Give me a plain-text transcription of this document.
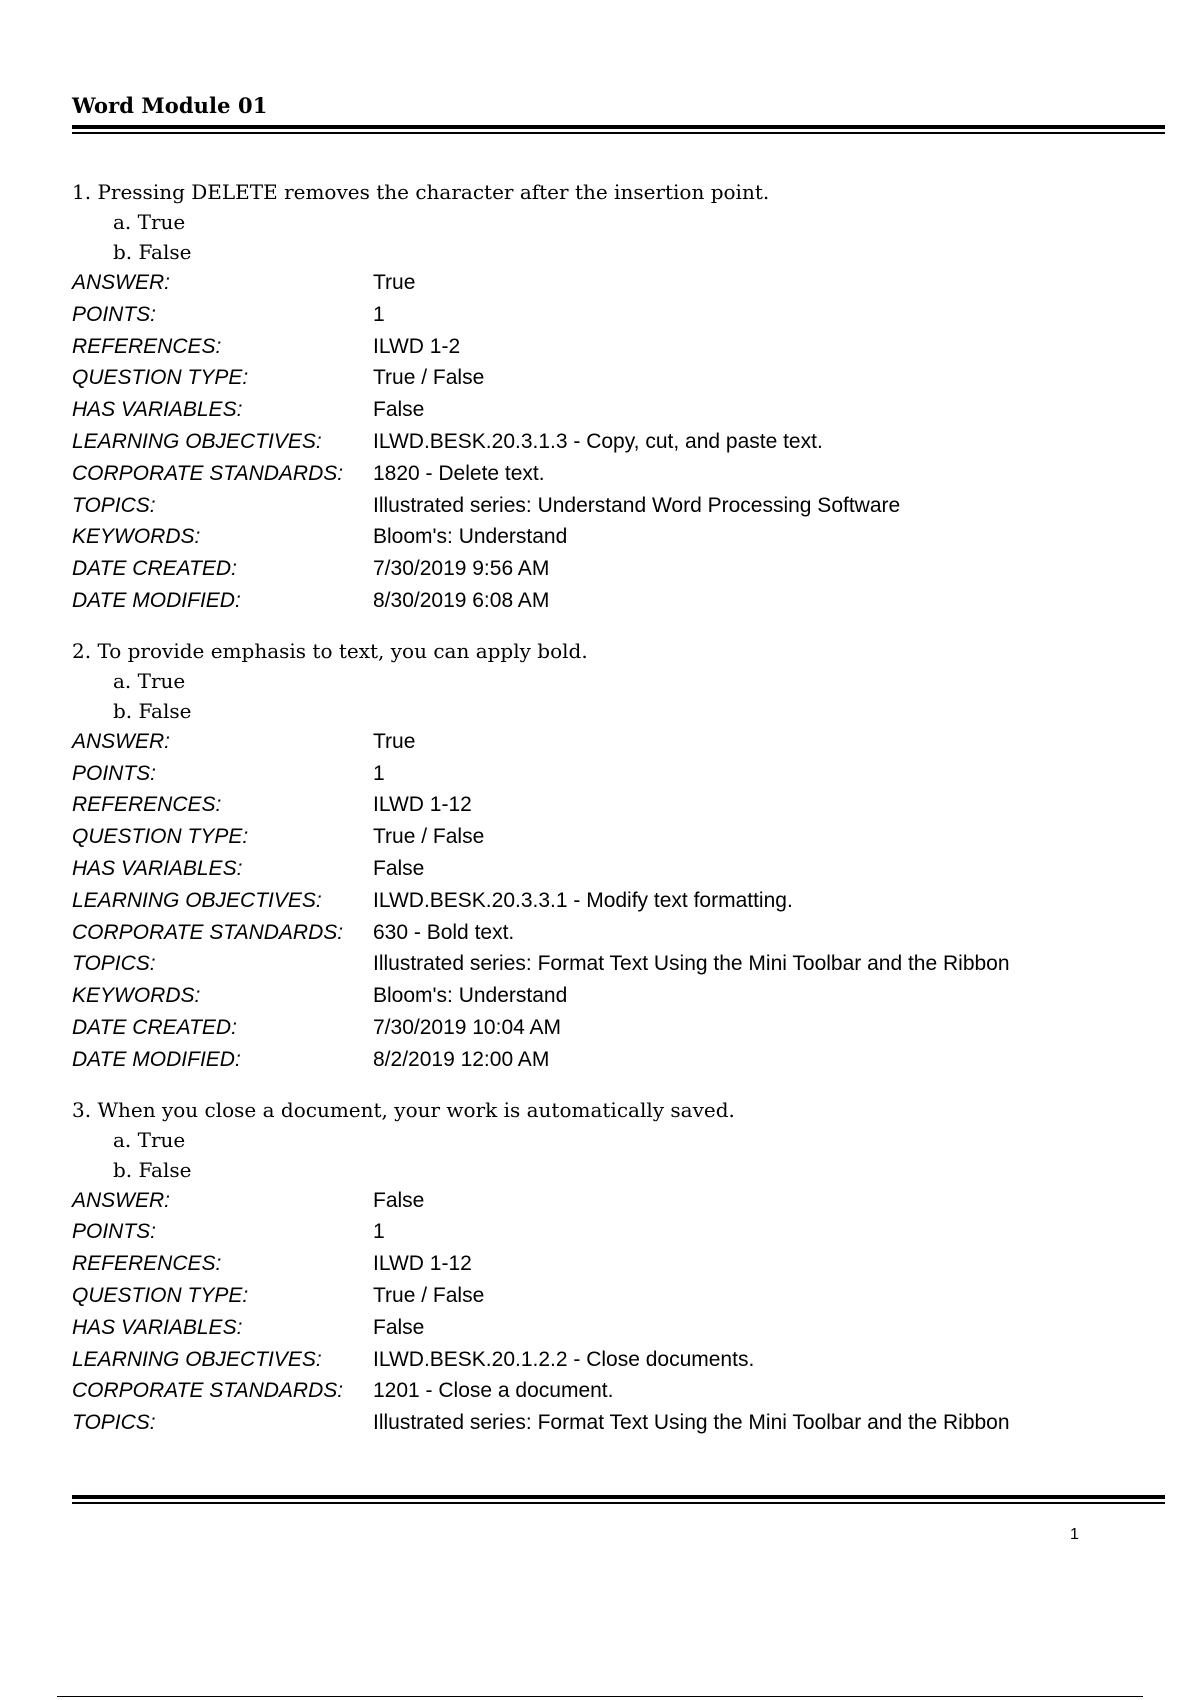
Word Module 01
1. Pressing DELETE removes the character after the insertion point.
a. True
b. False
ANSWER:	True
POINTS:	1
REFERENCES:	ILWD 1-2
QUESTION TYPE:	True / False
HAS VARIABLES:	False
LEARNING OBJECTIVES:	ILWD.BESK.20.3.1.3 - Copy, cut, and paste text.
CORPORATE STANDARDS:	1820 - Delete text.
TOPICS:	Illustrated series: Understand Word Processing Software
KEYWORDS:	Bloom's: Understand
DATE CREATED:	7/30/2019 9:56 AM
DATE MODIFIED:	8/30/2019 6:08 AM
2. To provide emphasis to text, you can apply bold.
a. True
b. False
ANSWER:	True
POINTS:	1
REFERENCES:	ILWD 1-12
QUESTION TYPE:	True / False
HAS VARIABLES:	False
LEARNING OBJECTIVES:	ILWD.BESK.20.3.3.1 - Modify text formatting.
CORPORATE STANDARDS:	630 - Bold text.
TOPICS:	Illustrated series: Format Text Using the Mini Toolbar and the Ribbon
KEYWORDS:	Bloom's: Understand
DATE CREATED:	7/30/2019 10:04 AM
DATE MODIFIED:	8/2/2019 12:00 AM
3. When you close a document, your work is automatically saved.
a. True
b. False
ANSWER:	False
POINTS:	1
REFERENCES:	ILWD 1-12
QUESTION TYPE:	True / False
HAS VARIABLES:	False
LEARNING OBJECTIVES:	ILWD.BESK.20.1.2.2 - Close documents.
CORPORATE STANDARDS:	1201 - Close a document.
TOPICS:	Illustrated series: Format Text Using the Mini Toolbar and the Ribbon
1
